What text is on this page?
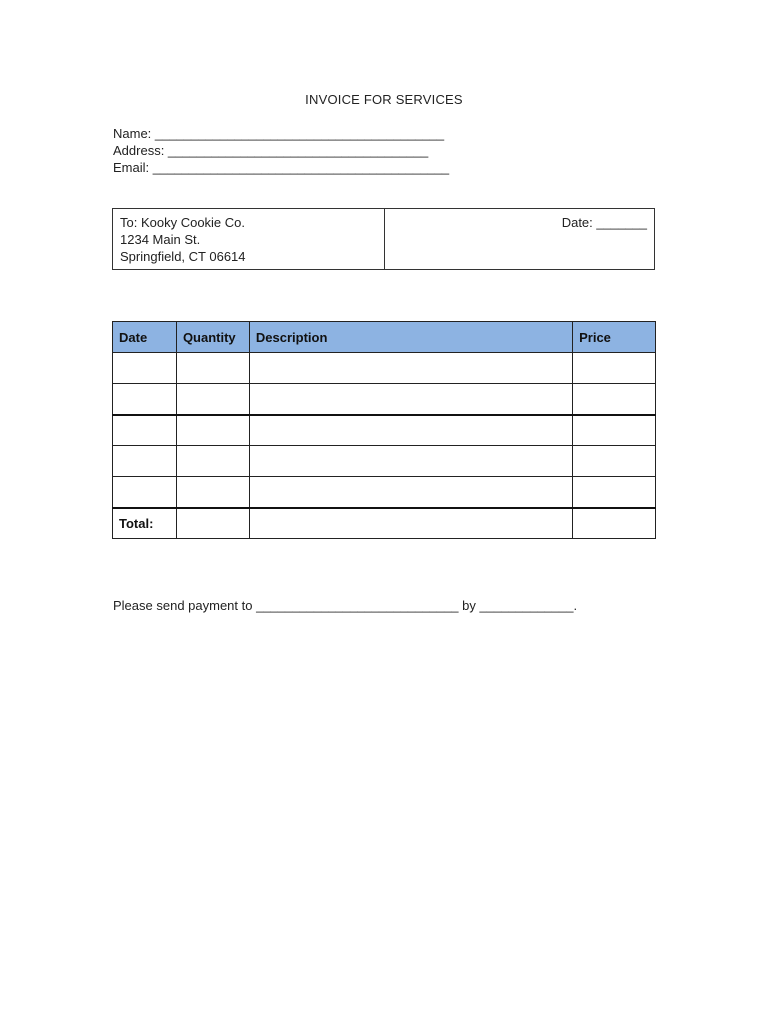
INVOICE FOR SERVICES
Name: ________________________________________
Address: ____________________________________
Email: _________________________________________
To: Kooky Cookie Co.
1234 Main St.
Springfield, CT 06614
Date: _______
Date	Quantity	Description	Price

Total:			
Please send payment to ____________________________ by _____________.
